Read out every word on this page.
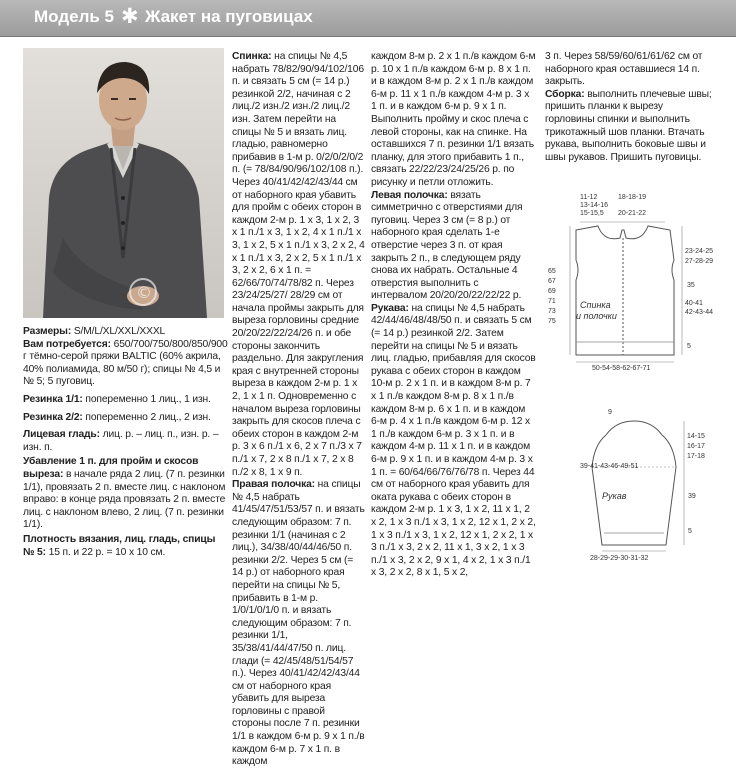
Модель 5 ✱ Жакет на пуговицах
©

Размеры: S/M/L/XL/XXL/XXXL

Вам потребуется: 650/700/750/800/850/900 г тёмно-серой пряжи BALTIC (60% акрила, 40% полиамида, 80 м/50 г); спицы № 4,5 и № 5; 5 пуговиц.

Резинка 1/1: попеременно 1 лиц., 1 изн.

Резинка 2/2: попеременно 2 лиц., 2 изн.

Лицевая гладь: лиц. р. – лиц. п., изн. р. – изн. п.

Убавление 1 п. для пройм и скосов выреза: в начале ряда 2 лиц. (7 п. резинки 1/1), провязать 2 п. вместе лиц. с наклоном вправо: в конце ряда провязать 2 п. вместе лиц. с наклоном влево, 2 лиц. (7 п. резинки 1/1).

Плотность вязания, лиц. гладь, спицы № 5: 15 п. и 22 р. = 10 х 10 см.

Спинка: на спицы № 4,5 набрать 78/82/90/94/102/106 п. и связать 5 см (= 14 р.) резинкой 2/2, начиная с 2 лиц./2 изн./2 изн./2 лиц./2 изн. Затем перейти на спицы № 5 и вязать лиц. гладью, равномерно прибавив в 1-м р. 0/2/0/2/0/2 п. (= 78/84/90/96/102/108 п.). Через 40/41/42/42/43/44 см от наборного края убавить для пройм с обеих сторон в каждом 2-м р. 1 х 3, 1 х 2, 3 х 1 п./1 х 3, 1 х 2, 4 х 1 п./1 х 3, 1 х 2, 5 х 1 п./1 х 3, 2 х 2, 4 х 1 п./1 х 3, 2 х 2, 5 х 1 п./1 х 3, 2 х 2, 6 х 1 п. = 62/66/70/74/78/82 п. Через 23/24/25/27/ 28/29 см от начала проймы закрыть для выреза горловины средние 20/20/22/22/24/26 п. и обе стороны закончить раздельно. Для закругления края с внутренней стороны выреза в каждом 2-м р. 1 х 2, 1 х 1 п. Одновременно с началом выреза горловины закрыть для скосов плеча с обеих сторон в каждом 2-м р. 3 х 6 п./1 х 6, 2 х 7 п./3 х 7 п./1 х 7, 2 х 8 п./1 х 7, 2 х 8 п./2 х 8, 1 х 9 п.

Правая полочка: на спицы № 4,5 набрать 41/45/47/51/53/57 п. и вязать следующим образом: 7 п. резинки 1/1 (начиная с 2 лиц.), 34/38/40/44/46/50 п. резинки 2/2. Через 5 см (= 14 р.) от наборного края перейти на спицы № 5, прибавить в 1-м р. 1/0/1/0/1/0 п. и вязать следующим образом: 7 п. резинки 1/1, 35/38/41/44/47/50 п. лиц. глади (= 42/45/48/51/54/57 п.). Через 40/41/42/42/43/44 см от наборного края убавить для выреза горловины с правой стороны после 7 п. резинки 1/1 в каждом 6-м р. 9 х 1 п./в каждом 6-м р. 7 х 1 п. в каждом

каждом 8-м р. 2 х 1 п./в каждом 6-м р. 10 х 1 п./в каждом 6-м р. 8 х 1 п. и в каждом 8-м р. 2 х 1 п./в каждом 6-м р. 11 х 1 п./в каждом 4-м р. 3 х 1 п. и в каждом 6-м р. 9 х 1 п. Выполнить пройму и скос плеча с левой стороны, как на спинке. На оставшихся 7 п. резинки 1/1 вязать планку, для этого прибавить 1 п., связать 22/22/23/24/25/26 р. по рисунку и петли отложить.

Левая полочка: вязать симметрично с отверстиями для пуговиц. Через 3 см (= 8 р.) от наборного края сделать 1-е отверстие через 3 п. от края закрыть 2 п., в следующем ряду снова их набрать. Остальные 4 отверстия выполнить с интервалом 20/20/20/22/22/22 р.

Рукава: на спицы № 4,5 набрать 42/44/46/48/48/50 п. и связать 5 см (= 14 р.) резинкой 2/2. Затем перейти на спицы № 5 и вязать лиц. гладью, прибавляя для скосов рукава с обеих сторон в каждом 10-м р. 2 х 1 п. и в каждом 8-м р. 7 х 1 п./в каждом 8-м р. 8 х 1 п./в каждом 8-м р. 6 х 1 п. и в каждом 6-м р. 4 х 1 п./в каждом 6-м р. 12 х 1 п./в каждом 6-м р. 3 х 1 п. и в каждом 4-м р. 11 х 1 п. и в каждом 6-м р. 9 х 1 п. и в каждом 4-м р. 3 х 1 п. = 60/64/66/76/76/78 п. Через 44 см от наборного края убавить для оката рукава с обеих сторон в каждом 2-м р. 1 х 3, 1 х 2, 11 х 1, 2 х 2, 1 х 3 п./1 х 3, 1 х 2, 12 х 1, 2 х 2, 1 х 3 п./1 х 3, 1 х 2, 12 х 1, 2 х 2, 1 х 3 п./1 х 3, 2 х 2, 11 х 1, 3 х 2, 1 х 3 п./1 х 3, 2 х 2, 9 х 1, 4 х 2, 1 х 3 п./1 х 3, 2 х 2, 8 х 1, 5 х 2,

3 п. Через 58/59/60/61/61/62 см от наборного края оставшиеся 14 п. закрыть.

Сборка: выполнить плечевые швы; пришить планки к вырезу горловины спинки и выполнить трикотажный шов планки. Втачать рукава, выполнить боковые швы и швы рукавов. Пришить пуговицы.

11-12	18-18-19
13-14-16
15-15,5 20-21-22
23-24-25
27-28-29
35
40-41
42-43-44
5
65
67
69
71
73
75
Спинка
и полочки
50-54-58-62-67-71
9
14-15
16-17
17-18
39
5
39-41-43-46-49-51
Рукав
28-29-29-30-31-32
